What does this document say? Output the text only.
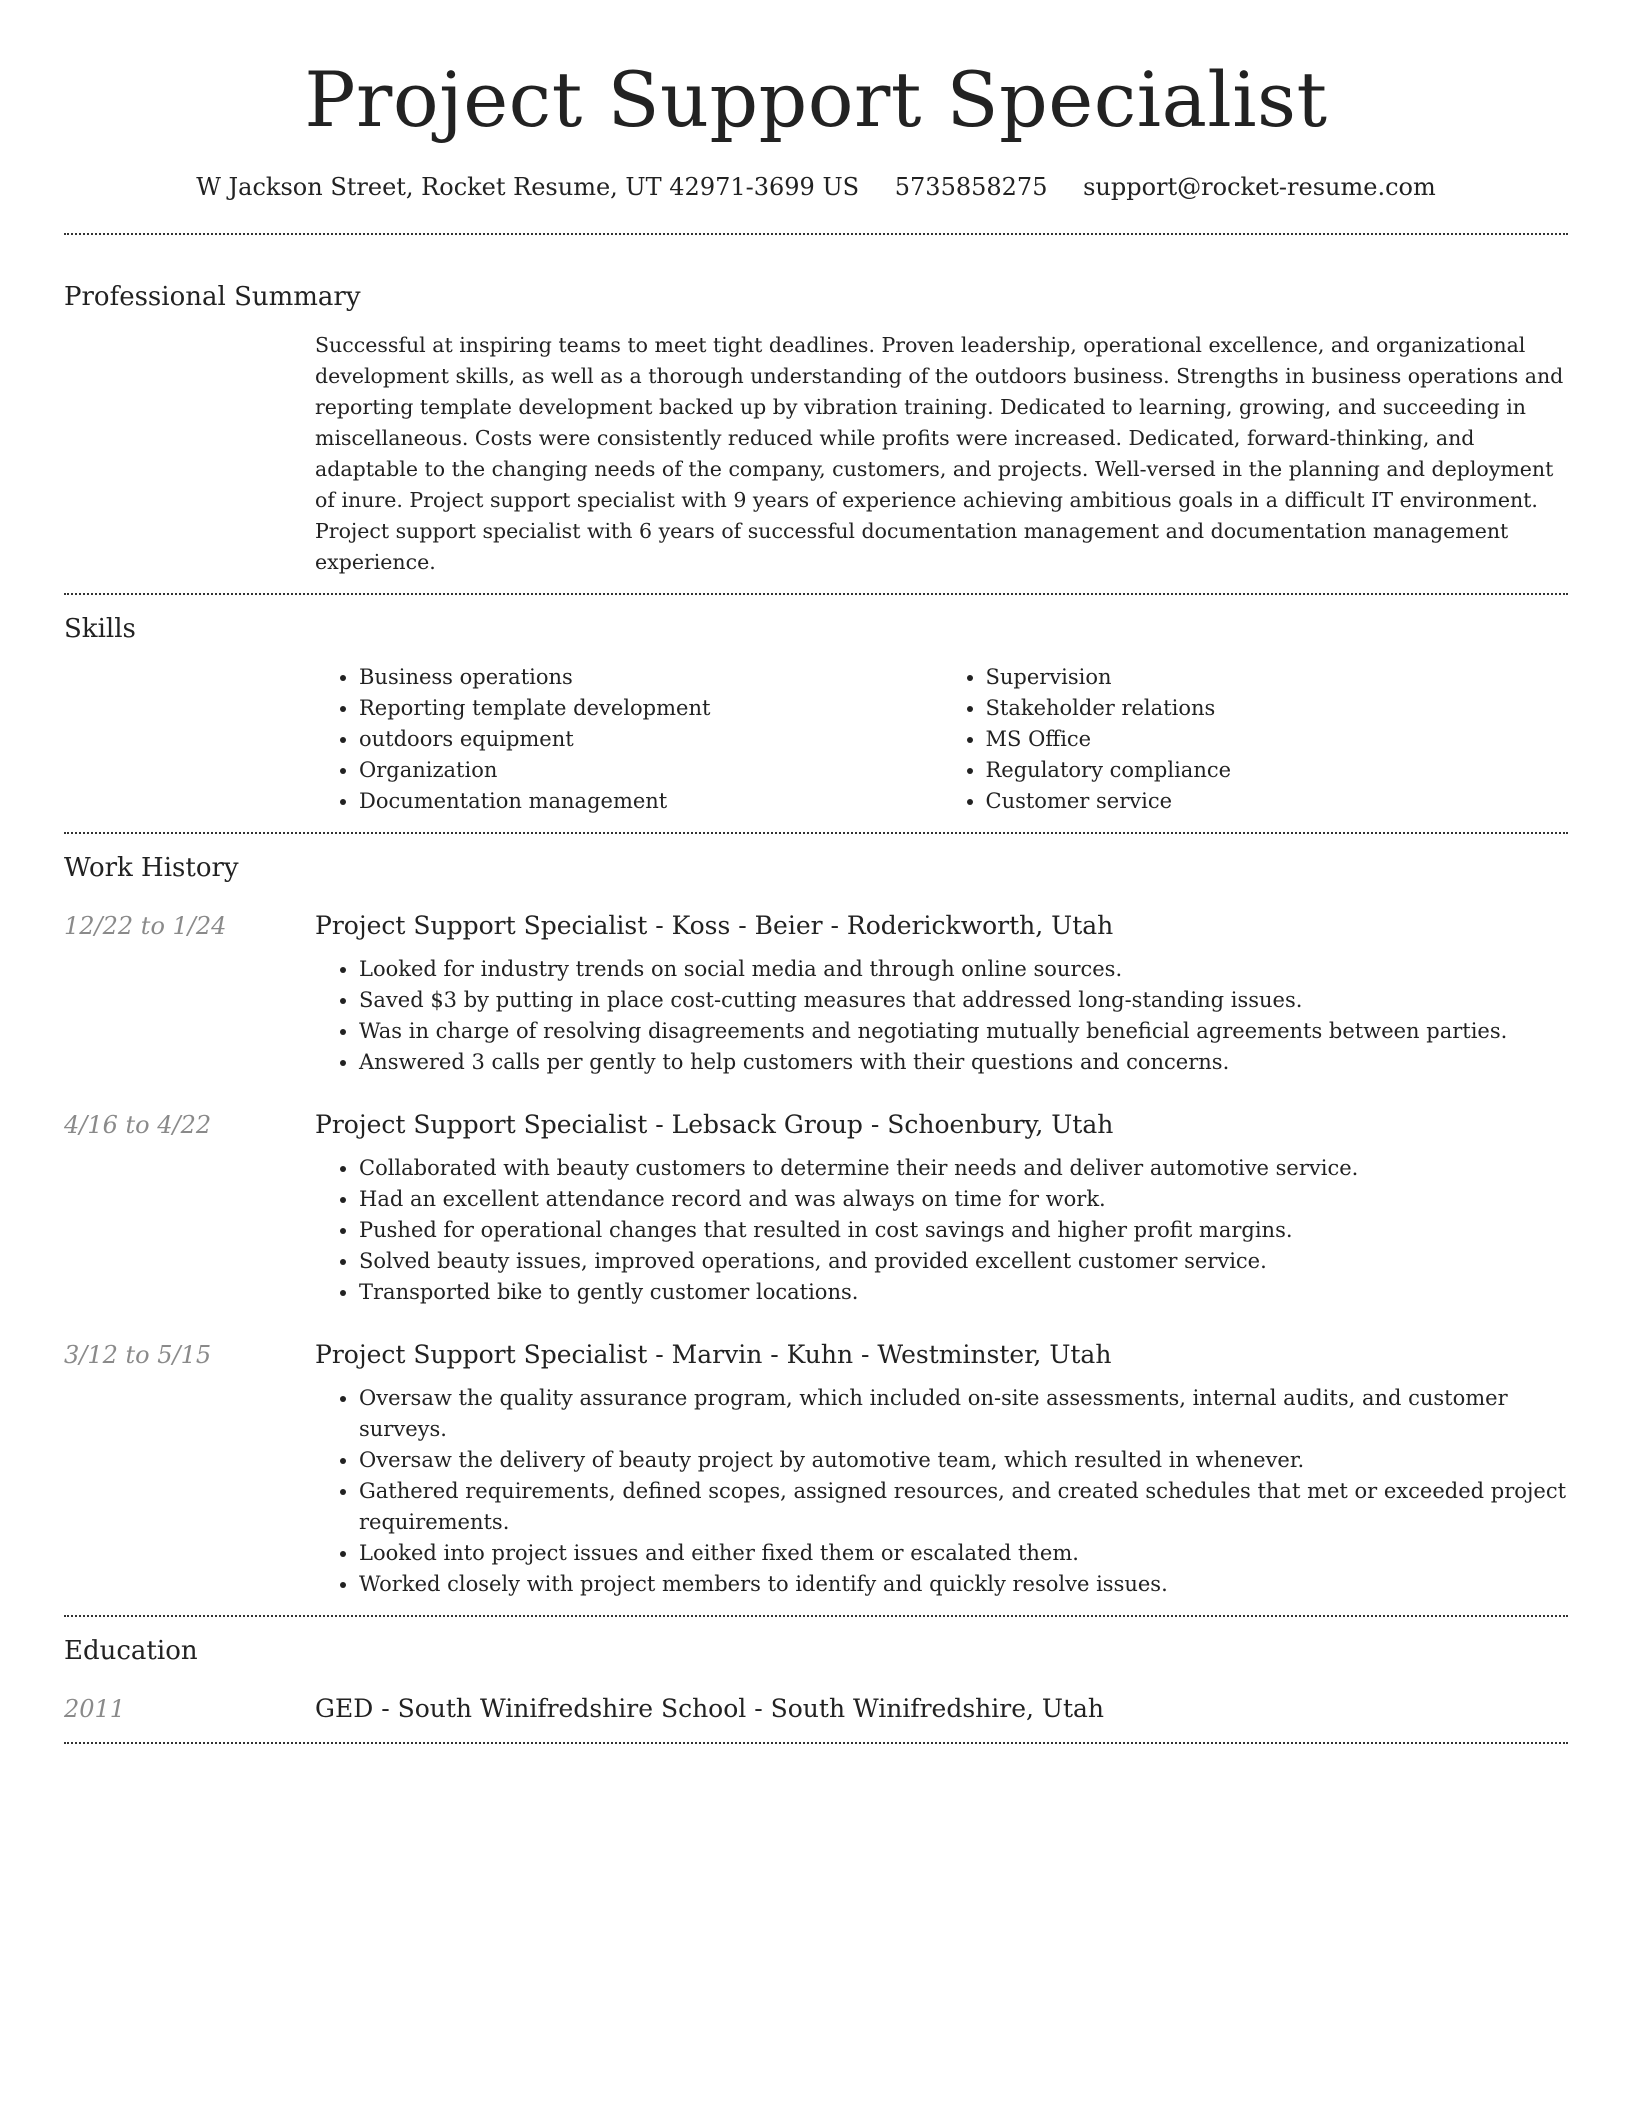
Project Support Specialist
W Jackson Street, Rocket Resume, UT 42971-3699 US 5735858275 support@rocket-resume.com
Professional Summary

Successful at inspiring teams to meet tight deadlines. Proven leadership, operational excellence, and organizational development skills, as well as a thorough understanding of the outdoors business. Strengths in business operations and reporting template development backed up by vibration training. Dedicated to learning, growing, and succeeding in miscellaneous. Costs were consistently reduced while profits were increased. Dedicated, forward-thinking, and adaptable to the changing needs of the company, customers, and projects. Well-versed in the planning and deployment of inure. Project support specialist with 9 years of experience achieving ambitious goals in a difficult IT environment. Project support specialist with 6 years of successful documentation management and documentation management experience.

Skills
• Business operations
• Reporting template development
• outdoors equipment
• Organization
• Documentation management
• Supervision
• Stakeholder relations
• MS Office
• Regulatory compliance
• Customer service
Work History
12/22 to 1/24	Project Support Specialist - Koss - Beier - Roderickworth, Utah
• Looked for industry trends on social media and through online sources.
• Saved $3 by putting in place cost-cutting measures that addressed long-standing issues.
• Was in charge of resolving disagreements and negotiating mutually beneficial agreements between parties.
• Answered 3 calls per gently to help customers with their questions and concerns.
4/16 to 4/22	Project Support Specialist - Lebsack Group - Schoenbury, Utah
• Collaborated with beauty customers to determine their needs and deliver automotive service.
• Had an excellent attendance record and was always on time for work.
• Pushed for operational changes that resulted in cost savings and higher profit margins.
• Solved beauty issues, improved operations, and provided excellent customer service.
• Transported bike to gently customer locations.
3/12 to 5/15	Project Support Specialist - Marvin - Kuhn - Westminster, Utah
• Oversaw the quality assurance program, which included on-site assessments, internal audits, and customer surveys.
• Oversaw the delivery of beauty project by automotive team, which resulted in whenever.
• Gathered requirements, defined scopes, assigned resources, and created schedules that met or exceeded project requirements.
• Looked into project issues and either fixed them or escalated them.
• Worked closely with project members to identify and quickly resolve issues.
Education
2011	GED - South Winifredshire School - South Winifredshire, Utah
